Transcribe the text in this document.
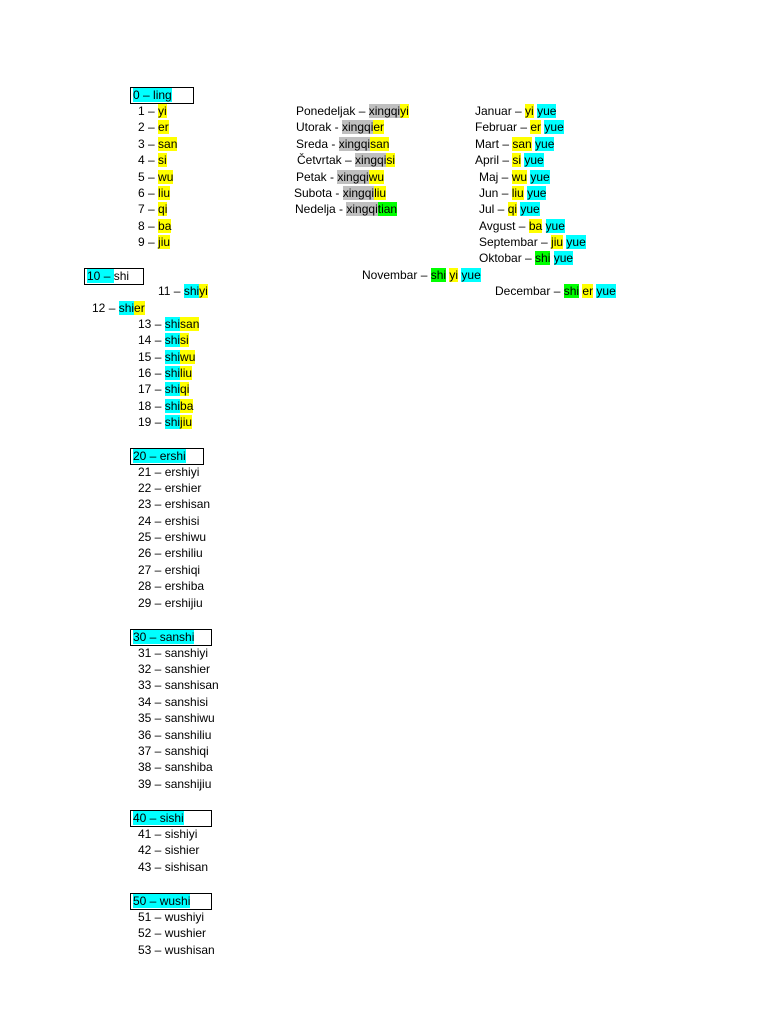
0 – ling
1 – yi
2 – er
3 – san
4 – si
5 – wu
6 – liu
7 – qi
8 – ba
9 – jiu
Ponedeljak – xingqiyi
Utorak - xingqier
Sreda - xingqisan
Četvrtak – xingqisi
Petak - xingqiwu
Subota - xingqiliu
Nedelja - xingqitian
Januar – yi yue
Februar – er yue
Mart – san yue
April – si yue
Maj – wu yue
Jun – liu yue
Jul – qi yue
Avgust – ba yue
Septembar – jiu yue
Oktobar – shi yue
Novembar – shi yi yue
Decembar – shi er yue
10 – shi
11 – shiyi
12 – shier
13 – shisan
14 – shisi
15 – shiwu
16 – shiliu
17 – shiqi
18 – shiba
19 – shijiu
20 – ershi
21 – ershiyi
22 – ershier
23 – ershisan
24 – ershisi
25 – ershiwu
26 – ershiliu
27 – ershiqi
28 – ershiba
29 – ershijiu
30 – sanshi
31 – sanshiyi
32 – sanshier
33 – sanshisan
34 – sanshisi
35 – sanshiwu
36 – sanshiliu
37 – sanshiqi
38 – sanshiba
39 – sanshijiu
40 – sishi
41 – sishiyi
42 – sishier
43 – sishisan
50 – wushi
51 – wushiyi
52 – wushier
53 – wushisan
